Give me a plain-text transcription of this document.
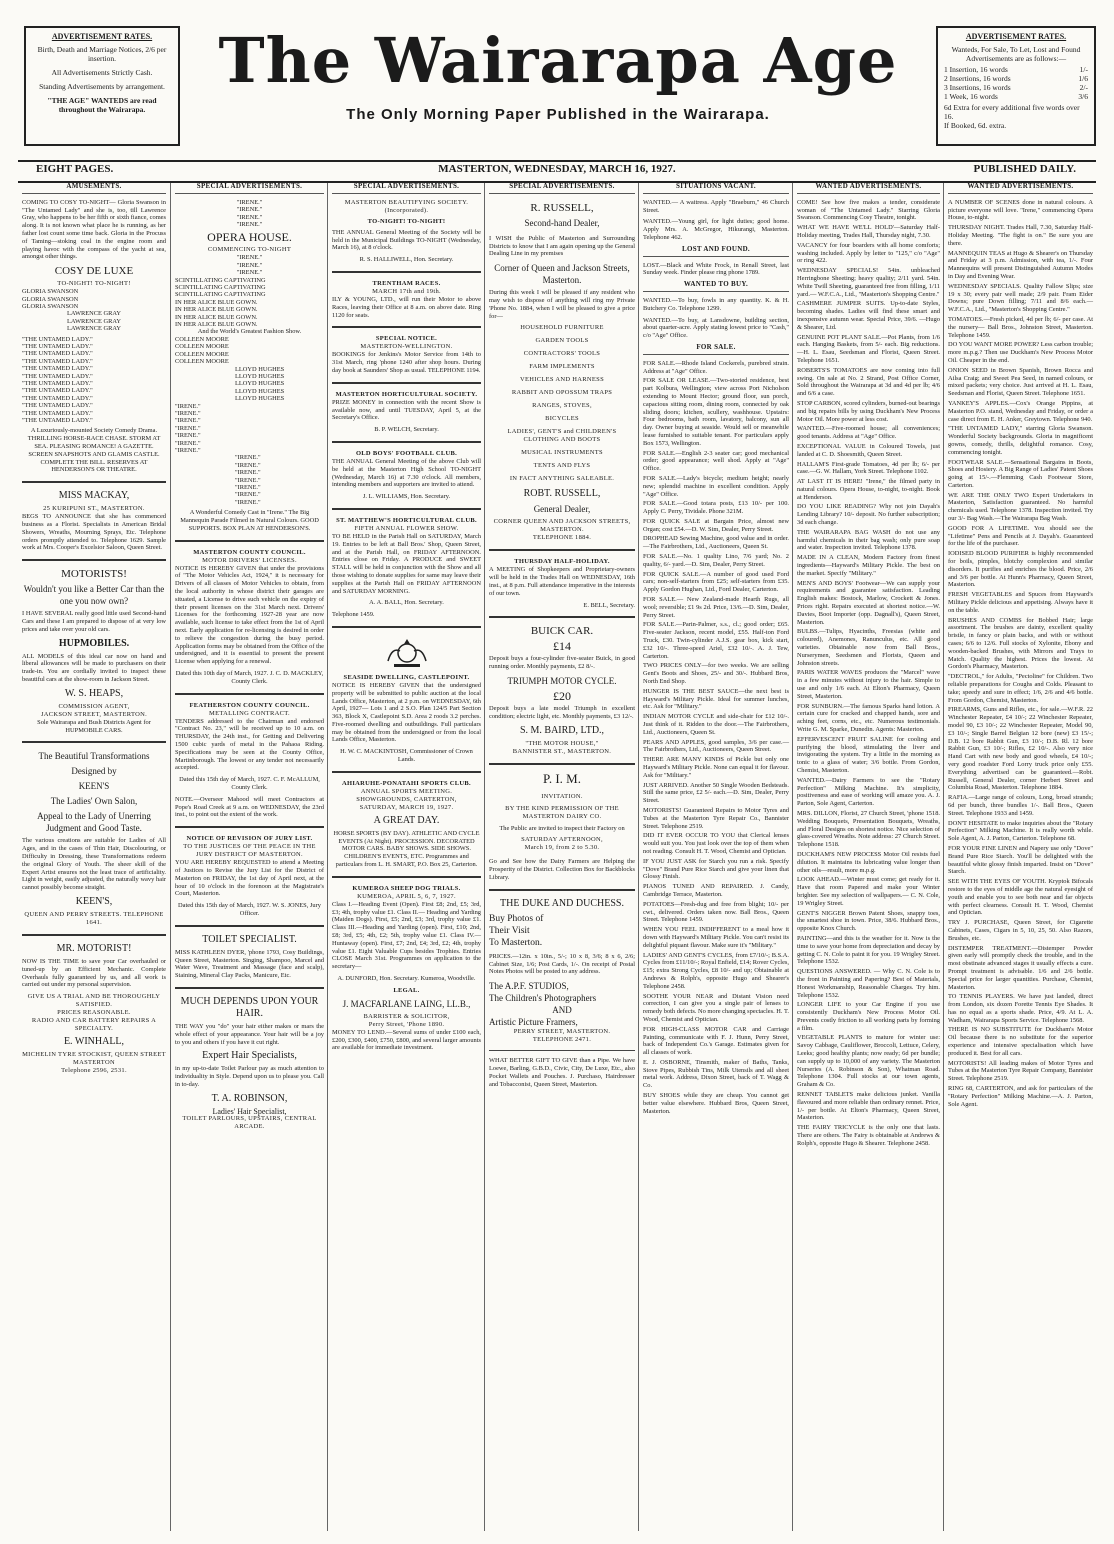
ADVERTISEMENT RATES.

Birth, Death and Marriage Notices, 2/6 per insertion.

All Advertisements Strictly Cash.

Standing Advertisements by arrangement.

"THE AGE" WANTEDS are read throughout the Wairarapa.

The Wairarapa Age
The Only Morning Paper Published in the Wairarapa.
ADVERTISEMENT RATES.
Wanteds, For Sale, To Let, Lost and Found Advertisements are as follows:—
1 Insertion, 16 words	1/-
2 Insertions, 16 words	1/6
3 Insertions, 16 words	2/-
1 Week, 16 words	3/6
6d Extra for every additional five words over 16.
If Booked, 6d. extra.
EIGHT PAGES.	MASTERTON, WEDNESDAY, MARCH 16, 1927.	PUBLISHED DAILY.
AMUSEMENTS.

COMING TO COSY TO-NIGHT— Gloria Swanson in "The Untamed Lady" and she is, too, till Lawrence Gray, who happens to be her fifth or sixth fiance, comes along. It is not known what place he is running, as her father lost count some time back. Gloria in the Procuss of Taming—stoking coal in the engine room and playing havoc with the compass of the yacht at sea, amongst other things.

COSY DE LUXE
TO-NIGHT! TO-NIGHT!
GLORIA SWANSON
GLORIA SWANSON
GLORIA SWANSON
LAWRENCE GRAY
LAWRENCE GRAY
LAWRENCE GRAY
"THE UNTAMED LADY."
"THE UNTAMED LADY."
"THE UNTAMED LADY."
"THE UNTAMED LADY."
"THE UNTAMED LADY."
"THE UNTAMED LADY."
"THE UNTAMED LADY."
"THE UNTAMED LADY."
"THE UNTAMED LADY."
"THE UNTAMED LADY."
"THE UNTAMED LADY."
"THE UNTAMED LADY."

A Luxuriously-mounted Society Comedy Drama. THRILLING HORSE-RACE CHASE. STORM AT SEA. PLEASING ROMANCE! A GAZETTE. SCREEN SNAPSHOTS AND GLAMIS CASTLE. COMPLETE THE BILL. RESERVES AT HENDERSON'S OR THEATRE.

MISS MACKAY,
25 KURIPUNI ST., MASTERTON.

BEGS TO ANNOUNCE that she has commenced business as a Florist. Specialists in American Bridal Showers, Wreaths, Mourning Sprays, Etc. Telephone orders promptly attended to. Telephone 1629. Sample work at Mrs. Cooper's Excelsior Saloon, Queen Street.

MOTORISTS!
Wouldn't you like a Better Car than the one you now own?

I HAVE SEVERAL really good little used Second-hand Cars and these I am prepared to dispose of at very low prices and take over your old cars.

HUPMOBILES.

ALL MODELS of this ideal car now on hand and liberal allowances will be made to purchasers on their trade-in. You are cordially invited to inspect these beautiful cars at the show-room in Jackson Street.

W. S. HEAPS,
COMMISSION AGENT,
JACKSON STREET, MASTERTON.

Sole Wairarapa and Bush Districts Agent for HUPMOBILE CARS.

The Beautiful Transformations
Designed by
KEEN'S
The Ladies' Own Salon,
Appeal to the Lady of Unerring Judgment and Good Taste.

The various creations are suitable for Ladies of All Ages, and in the cases of Thin Hair, Discolouring, or Difficulty in Dressing, these Transformations redeem the original Glory of Youth. The sheer skill of the Expert Artist ensures not the least trace of artificiality. Light in weight, easily adjusted, the naturally wavy hair cannot possibly become straight.

KEEN'S,
QUEEN AND PERRY STREETS. TELEPHONE 1641.
MR. MOTORIST!

NOW IS THE TIME to save your Car overhauled or tuned-up by an Efficient Mechanic. Complete Overhauls fully guaranteed by us, and all work is carried out under my personal supervision.

GIVE US A TRIAL AND BE THOROUGHLY SATISFIED.
PRICES REASONABLE.
RADIO AND CAR BATTERY REPAIRS A SPECIALTY.
E. WINHALL,
MICHELIN TYRE STOCKIST, QUEEN STREET MASTERTON
Telephone 2596, 2531.
SPECIAL ADVERTISEMENTS.
"IRENE."
"IRENE."
"IRENE."
"IRENE."
OPERA HOUSE.
COMMENCING TO-NIGHT
"IRENE."
"IRENE."
"IRENE."
SCINTILLATING CAPTIVATING
SCINTILLATING CAPTIVATING
SCINTILLATING CAPTIVATING
IN HER ALICE BLUE GOWN.
IN HER ALICE BLUE GOWN.
IN HER ALICE BLUE GOWN.
IN HER ALICE BLUE GOWN.
And the World's Greatest Fashion Show.
COLLEEN MOORE
COLLEEN MOORE
COLLEEN MOORE
COLLEEN MOORE
LLOYD HUGHES
LLOYD HUGHES
LLOYD HUGHES
LLOYD HUGHES
LLOYD HUGHES
"IRENE."
"IRENE."
"IRENE."
"IRENE."
"IRENE."
"IRENE."
"IRENE."
"IRENE."
"IRENE."
"IRENE."
"IRENE."
"IRENE."
"IRENE."
"IRENE."

A Wonderful Comedy Cast in "Irene." The Big Mannequin Parade Filmed in Natural Colours. GOOD SUPPORTS. BOX PLAN AT HENDERSON'S.

MASTERTON COUNTY COUNCIL.
MOTOR DRIVERS' LICENSES.

NOTICE IS HEREBY GIVEN that under the provisions of "The Motor Vehicles Act, 1924," it is necessary for Drivers of all classes of Motor Vehicles to obtain, from the local authority in whose district their garages are situated, a License to drive such vehicle on the expiry of their present licenses on the 31st March next. Drivers' Licenses for the forthcoming 1927-28 year are now available, such license to take effect from the 1st of April next. Early application for re-licensing is desired in order to relieve the congestion during the busy period. Application forms may be obtained from the Office of the undersigned, and it is essential to present the present License when applying for a renewal.

Dated this 10th day of March, 1927. J. C. D. MACKLEY, County Clerk.

FEATHERSTON COUNTY COUNCIL.
METALLING CONTRACT.

TENDERS addressed to the Chairman and endorsed "Contract No. 23," will be received up to 10 a.m. on THURSDAY, the 24th inst., for Getting and Delivering 1500 cubic yards of metal in the Pahaoa Riding. Specifications may be seen at the County Office, Martinborough. The lowest or any tender not necessarily accepted.

Dated this 15th day of March, 1927. C. F. McALLUM, County Clerk.

NOTE.—Overseer Mahood will meet Contractors at Pope's Road Creek at 9 a.m. on WEDNESDAY, the 23rd inst., to point out the extent of the work.

NOTICE OF REVISION OF JURY LIST.
TO THE JUSTICES OF THE PEACE IN THE JURY DISTRICT OF MASTERTON.

YOU ARE HEREBY REQUESTED to attend a Meeting of Justices to Revise the Jury List for the District of Masterton on FRIDAY, the 1st day of April next, at the hour of 10 o'clock in the forenoon at the Magistrate's Court, Masterton.

Dated this 15th day of March, 1927. W. S. JONES, Jury Officer.

TOILET SPECIALIST.

MISS KATHLEEN DYER, 'phone 1793, Cosy Buildings, Queen Street, Masterton. Singing, Shampoo, Marcel and Water Wave, Treatment and Massage (face and scalp), Staining, Mineral Clay Packs, Manicure, Etc.

MUCH DEPENDS UPON YOUR HAIR.

THE WAY you "do" your hair either makes or mars the whole effect of your appearance. Your hair will be a joy to you and others if you have it cut right.

Expert Hair Specialists,

in my up-to-date Toilet Parlour pay as much attention to individuality in Style. Depend upon us to please you. Call in to-day.

T. A. ROBINSON,
Ladies' Hair Specialist,
TOILET PARLOURS, UPSTAIRS, CENTRAL ARCADE.
SPECIAL ADVERTISEMENTS.
MASTERTON BEAUTIFYING SOCIETY. (Incorporated).
TO-NIGHT! TO-NIGHT!

THE ANNUAL General Meeting of the Society will be held in the Municipal Buildings TO-NIGHT (Wednesday, March 16), at 8 o'clock.

R. S. HALLIWELL, Hon. Secretary.

TRENTHAM RACES.
MARCH 17th and 19th.

ILY & YOUNG, LTD., will run their Motor to above Races, leaving their Office at 8 a.m. on above date. Ring 1120 for seats.

SPECIAL NOTICE.
MASTERTON-WELLINGTON.

BOOKINGS for Jenkins's Motor Service from 14th to 31st March, ring 'phone 1240 after shop hours. During day book at Saunders' Shop as usual. TELEPHONE 1194.

MASTERTON HORTICULTURAL SOCIETY.

PRIZE MONEY in connection with the recent Show is available now, and until TUESDAY, April 5, at the Secretary's Office.

B. P. WELCH, Secretary.

OLD BOYS' FOOTBALL CLUB.

THE ANNUAL General Meeting of the above Club will be held at the Masterton High School TO-NIGHT (Wednesday, March 16) at 7.30 o'clock. All members, intending members and supporters are invited to attend.

J. L. WILLIAMS, Hon. Secretary.

ST. MATTHEW'S HORTICULTURAL CLUB.
FIFTH ANNUAL FLOWER SHOW.

TO BE HELD in the Parish Hall on SATURDAY, March 19. Entries to be left at Ball Bros.' Shop, Queen Street, and at the Parish Hall, on FRIDAY AFTERNOON. Entries close on Friday. A PRODUCE and SWEET STALL will be held in conjunction with the Show and all those wishing to donate supplies for same may leave their supplies at the Parish Hall on FRIDAY AFTERNOON and SATURDAY MORNING.

A. A. BALL, Hon. Secretary.

Telephone 1459.

SEASIDE DWELLING, CASTLEPOINT.

NOTICE IS HEREBY GIVEN that the undersigned property will be submitted to public auction at the local Lands Office, Masterton, at 2 p.m. on WEDNESDAY, 6th April, 1927— Lots 1 and 2 S.O. Plan 124/5 Part Section 363, Block X, Castlepoint S.D. Area 2 roods 3.2 perches. Five-roomed dwelling and outbuildings. Full particulars may be obtained from the undersigned or from the local Lands Office, Masterton.

H. W. C. MACKINTOSH, Commissioner of Crown Lands.

AHIARUHE-PONATAHI SPORTS CLUB.
ANNUAL SPORTS MEETING.
SHOWGROUNDS, CARTERTON,
SATURDAY, MARCH 19, 1927.
A GREAT DAY.

HORSE SPORTS (BY DAY). ATHLETIC AND CYCLE EVENTS (At Night). PROCESSION. DECORATED MOTOR CARS. BABY SHOWS. SIDE SHOWS. CHILDREN'S EVENTS, ETC. Programmes and particulars from L. H. SMART, P.O. Box 25, Carterton.

KUMEROA SHEEP DOG TRIALS.
KUMEROA, APRIL 5, 6, 7, 1927.

Class I.—Heading Event (Open). First £8; 2nd, £5; 3rd, £3; 4th, trophy value £1. Class II.— Heading and Yarding (Maiden Dogs). First, £5; 2nd, £3; 3rd, trophy value £1. Class III.—Heading and Yarding (open). First, £10; 2nd, £8; 3rd, £5; 4th, £2; 5th, trophy value £1. Class IV.—Huntaway (open). First, £7; 2nd, £4; 3rd, £2; 4th, trophy value £1. Eight Valuable Cups besides Trophies. Entries CLOSE March 31st. Programmes on application to the secretary—

A. DUNFORD, Hon. Secretary. Kumeroa, Woodville.

LEGAL.
J. MACFARLANE LAING, LL.B.,
BARRISTER & SOLICITOR,
Perry Street, 'Phone 1890.

MONEY TO LEND.—Several sums of under £100 each, £200, £300, £400, £750, £800, and several larger amounts are available for immediate investment.

SPECIAL ADVERTISEMENTS.
R. RUSSELL,
Second-hand Dealer,

I WISH the Public of Masterton and Surrounding Districts to know that I am again opening up the General Dealing Line in my premises

Corner of Queen and Jackson Streets, Masterton.

During this week I will be pleased if any resident who may wish to dispose of anything will ring my Private 'Phone No. 1884, when I will be pleased to give a price for—

HOUSEHOLD FURNITURE
GARDEN TOOLS
CONTRACTORS' TOOLS
FARM IMPLEMENTS
VEHICLES AND HARNESS
RABBIT AND OPOSSUM TRAPS
RANGES, STOVES,
BICYCLES
LADIES', GENT'S and CHILDREN'S CLOTHING AND BOOTS
MUSICAL INSTRUMENTS
TENTS AND FLYS
IN FACT ANYTHING SALEABLE.
ROBT. RUSSELL,
General Dealer,
CORNER QUEEN AND JACKSON STREETS, MASTERTON.
TELEPHONE 1884.
THURSDAY HALF-HOLIDAY.

A MEETING of Shopkeepers and Proprietary-owners will be held in the Trades Hall on WEDNESDAY, 16th inst., at 8 p.m. Full attendance imperative in the interests of our town.

E. BELL, Secretary.

BUICK CAR.
£14

Deposit buys a four-cylinder five-seater Buick, in good running order. Monthly payments, £2 8/-.

TRIUMPH MOTOR CYCLE.
£20

Deposit buys a late model Triumph in excellent condition; electric light, etc. Monthly payments, £3 12/-.

S. M. BAIRD, LTD.,
"THE MOTOR HOUSE,"
BANNISTER ST., MASTERTON.
P. I. M.
INVITATION.
BY THE KIND PERMISSION OF THE MASTERTON DAIRY CO.

The Public are invited to inspect their Factory on

SATURDAY AFTERNOON,
March 19, from 2 to 5.30.

Go and See how the Dairy Farmers are Helping the Prosperity of the District. Collection Box for Backblocks Library.

THE DUKE AND DUCHESS.
Buy Photos of
Their Visit
To Masterton.

PRICES.—12in. x 10in., 5/-; 10 x 8, 3/6; 8 x 6, 2/6; Cabinet Size, 1/6; Post Cards, 1/-. On receipt of Postal Notes Photos will be posted to any address.

The A.P.F. STUDIOS,
The Children's Photographers
AND
Artistic Picture Framers,
PERRY STREET, MASTERTON.
TELEPHONE 2471.

WHAT BETTER GIFT TO GIVE than a Pipe. We have Loewe, Barling, G.B.D., Civic, City, De Luxe, Etc., also Pocket Wallets and Pouches. J. Purchaso, Hairdresser and Tobacconist, Queen Street, Masterton.

SITUATIONS VACANT.

WANTED.— A waitress. Apply "Braeburn," 46 Church Street.

WANTED.—Young girl, for light duties; good home. Apply Mrs. A. McGregor, Hikurangi, Masterton. Telephone 462.

LOST AND FOUND.

LOST.—Black and White Frock, in Renall Street, last Sunday week. Finder please ring phone 1789.

WANTED TO BUY.

WANTED.—To buy, fowls in any quantity. K. & H. Butchery Co. Telephone 1299.

WANTED.—To buy, at Lansdowne, building section, about quarter-acre. Apply stating lowest price to "Cash," c/o "Age" Office.

FOR SALE.

FOR SALE.—Rhode Island Cockerels, purebred strain. Address at "Age" Office.

FOR SALE OR LEASE.—Two-storied residence, best part Kolbura, Wellington; view across Port Nicholson extending to Mount Hector; ground floor, sun porch, capacious sitting room, dining room, connected by oak sliding doors; kitchen, scullery, washhouse. Upstairs: Four bedrooms, bath room, lavatory, balcony, sun all day. Owner buying at seaside. Would sell or meanwhile lease furnished to suitable tenant. For particulars apply Box 1573, Wellington.

FOR SALE.—English 2-3 seater car; good mechanical order; good appearance; well shod. Apply at "Age" Office.

FOR SALE.—Lady's bicycle; medium height; nearly new; splendid machine in excellent condition. Apply "Age" Office.

FOR SALE.—Good totara posts, £13 10/- per 100. Apply C. Perry, Tividale. Phone 321M.

FOR QUICK SALE at Bargain Price, almost new Organ; cost £54.—D. W. Sim, Dealer, Perry Street.

DROPHEAD Sewing Machine, good value and in order.—The Fairbrothers, Ltd., Auctioneers, Queen St.

FOR SALE.—No. 1 quality Lino, 7/6 yard; No. 2 quality, 6/- yard.—D. Sim, Dealer, Perry Street.

FOR QUICK SALE.—A number of good used Ford cars; non-self-starters from £25; self-starters from £35. Apply Gordon Hughan, Ltd., Ford Dealer, Carterton.

FOR SALE.— New Zealand-made Hearth Rugs, all wool; reversible; £1 9s 2d. Price, 13/6.—D. Sim, Dealer, Perry Street.

FOR SALE.—Parin-Palmer, s.s., cl.; good order; £65. Five-seater Jackson, recent model, £55. Half-ton Ford Truck, £30. Twin-cylinder A.J.S. gear box, kick start, £32 10/-. Three-speed Ariel, £32 10/-. A. J. Tew, Carterton.

TWO PRICES ONLY—for two weeks. We are selling Gent's Boots and Shoes, 25/- and 30/-. Hubbard Bros, North End Shop.

HUNGER IS THE BEST SAUCE—the next best is Hayward's Military Pickle. Ideal for summer lunches, etc. Ask for "Military."

INDIAN MOTOR CYCLE and side-chair for £12 10/-. Just think of it. Ridden to the door.—The Fairbrothers, Ltd., Auctioneers, Queen St.

PEARS AND APPLES, good samples, 3/6 per case.—The Fairbrothers, Ltd., Auctioneers, Queen Street.

THERE ARE MANY KINDS of Pickle but only one Hayward's Military Pickle. None can equal it for flavour. Ask for "Military."

JUST ARRIVED. Another 50 Single Wooden Bedsteads. Still the same price, £2 5/- each.—D. Sim, Dealer, Perry Street.

MOTORISTS! Guaranteed Repairs to Motor Tyres and Tubes at the Masterton Tyre Repair Co., Bannister Street. Telephone 2519.

DID IT EVER OCCUR TO YOU that Clerical lenses would suit you. You just look over the top of them when not reading. Consult H. T. Wood, Chemist and Optician.

IF YOU JUST ASK for Starch you run a risk. Specify "Dove" Brand Pure Rice Starch and give your linen that Glossy Finish.

PIANOS TUNED AND REPAIRED. J. Candy, Cambridge Terrace, Masterton.

POTATOES—Fresh-dug and free from blight; 10/- per cwt., delivered. Orders taken now. Ball Bros., Queen Street. Telephone 1459.

WHEN YOU FEEL INDIFFERENT to a meal how it down with Hayward's Military Pickle. You can't resist its delightful piquant flavour. Make sure it's "Military."

LADIES' AND GENT'S CYCLES, from £7/10/-; B.S.A. Cycles from £11/10/-; Royal Enfield, £14; Rover Cycles, £15; extra Strong Cycles, £8 10/- and up; Obtainable at Andrews & Rolph's, opposite Hugo and Shearer's Telephone 2458.

SOOTHE YOUR NEAR and Distant Vision need correction, I can give you a single pair of lenses to remedy both defects. No more changing spectacles. H. T. Wood, Chemist and Optician.

FOR HIGH-CLASS MOTOR CAR and Carriage Painting, communicate with F. J. Hunn, Perry Street, back of Independent Co.'s Garage. Estimates given for all classes of work.

E. J. OSBORNE, Tinsmith, maker of Baths, Tanks, Stove Pipes, Rubbish Tins, Milk Utensils and all sheet metal work. Address, Dixon Street, back of T. Wagg & Co.

BUY SHOES while they are cheap. You cannot get better value elsewhere. Hubbard Bros, Queen Street, Masterton.

WANTED ADVERTISEMENTS.

COME! See how five makes a tender, considerate woman of "The Untamed Lady." Starring Gloria Swanson. Commencing Cosy Theatre, tonight.

WHAT WE HAVE WE'LL HOLD'—Saturday Half-Holiday meeting, Trades Hall, Thursday night, 7.30.

VACANCY for four boarders with all home comforts; washing included. Apply by letter to "125," c/o "Age" or ring 422.

WEDNESDAY SPECIALS! 54in. unbleached Herringbone Sheeting; heavy quality; 2/11 yard. 54in. White Twill Sheeting, guaranteed free from filling, 1/11 yard.— W.F.C.A., Ltd., "Masterton's Shopping Centre."

CASHMERE JUMPER SUITS. Up-to-date Styles, becoming shades. Ladies will find these smart and inexpensive autumn wear. Special Price, 39/6. —Hugo & Shearer, Ltd.

GENUINE POT PLANT SALE.—Pot Plants, from 1/6 each. Hanging Baskets, from 5/- each. Big reductions. —H. L. Esau, Seedsman and Florist, Queen Street. Telephone 1651.

ROBERTS'S TOMATOES are now coming into full swing. On sale at No. 2 Strand, Post Office Corner, Sold throughout the Wairarapa at 3d and 4d per lb; 4/6 and 6/6 a case.

STOP CARBON, scored cylinders, burned-out bearings and big repairs bills by using Duckham's New Process Motor Oil. More power at less cost.

WANTED.—Five-roomed house; all conveniences; good tenants. Address at "Age" Office.

EXCEPTIONAL VALUE in Coloured Towels, just landed at C. D. Shoesmith, Queen Street.

HALLAM'S First-grade Tomatoes, 4d per lb; 6/- per case.—G. W. Hallam, York Street. Telephone 1102.

AT LAST IT IS HERE! "Irene," the filmed party in natural colours. Opera House, to-night, to-night. Book at Henderson.

DO YOU LIKE READING? Why not join Dayah's Lending Library? 10/- deposit. No further subscription; 3d each change.

THE WAIRARAPA BAG WASH do not use any harmful chemicals in their bag wash; only pure soap and water. Inspection invited. Telephone 1378.

MADE IN A CLEAN, Modern Factory from finest ingredients—Hayward's Military Pickle. The best on the market. Specify "Military."

MEN'S AND BOYS' Footwear—We can supply your requirements and guarantee satisfaction. Leading English makes: Bostock, Marlow, Crockett & Jones. Prices right. Repairs executed at shortest notice.—W. Davies, Boot Importer (opp. Dagnall's), Queen Street, Masterton.

BULBS.—Tulips, Hyacinths, Freesias (white and coloured), Anemones, Ranunculus, etc. All good varieties. Obtainable now from Ball Bros., Nurserymen, Seedsmen and Florists, Queen and Johnston streets.

PARIS WATER WAVES produces the "Marcel" wave in a few minutes without injury to the hair. Simple to use and only 1/6 each. At Elton's Pharmacy, Queen Street, Masterton.

FOR SUNBURN.—The famous Sparks hand lotion. A certain cure for cracked and chapped hands, sore and aching feet, corns, etc., etc. Numerous testimonials. Write G. M. Sparke, Dunedin. Agents: Masterton.

EFFERVESCENT FRUIT SALINE for cooling and purifying the blood, stimulating the liver and invigorating the system. Try a little in the morning as tonic to a glass of water; 3/6 bottle. From Gordon, Chemist, Masterton.

WANTED.—Dairy Farmers to see the "Rotary Perfection" Milking Machine. It's simplicity, positiveness and ease of working will amaze you. A. J. Parton, Sole Agent, Carterton.

MRS. DILLON, Florist, 27 Church Street, 'phone 1518. Wedding Bouquets, Presentation Bouquets, Wreaths, and Floral Designs on shortest notice. Nice selection of glass-covered Wreaths. Note address: 27 Church Street. Telephone 1518.

DUCKHAM'S NEW PROCESS Motor Oil resists fuel dilution. It maintains its lubricating value longer than other oils—result, more m.p.g.

LOOK AHEAD.—Winter must come; get ready for it. Have that room Papered and make your Winter brighter. See my selection of wallpapers.— C. N. Cole, 19 Wrigley Street.

GENT'S NIGGER Brown Patent Shoes, snappy toes, the smartest shoe in town. Price, 38/6. Hubbard Bros., opposite Knox Church.

PAINTING—and this is the weather for it. Now is the time to save your home from depreciation and decay by getting C. N. Cole to paint it for you. 19 Wrigley Street. Telephone 1532.

QUESTIONS ANSWERED. — Why C. N. Cole is to the front in Painting and Papering? Best of Materials, Honest Workmanship, Reasonable Charges. Try him. Telephone 1532.

LONGER LIFE to your Car Engine if you use consistently Duckham's New Process Motor Oil. Prevents costly friction to all working parts by forming a film.

VEGETABLE PLANTS to mature for winter use: Savoy Cabbage, Cauliflower, Broccoli, Lettuce, Celery, Leeks; good healthy plants; now ready; 6d per bundle; can supply up to 10,000 of any variety. The Masterton Nurseries (A. Robinson & Son), Whatman Road. Telephone 1304. Full stocks at our town agents, Graham & Co.

RENNET TABLETS make delicious junket. Vanilla flavoured and more reliable than ordinary rennet. Price, 1/- per bottle. At Elton's Pharmacy, Queen Street, Masterton.

THE FAIRY TRICYCLE is the only one that lasts. There are others. The Fairy is obtainable at Andrews & Rolph's, opposite Hugo & Shearer. Telephone 2458.

WANTED ADVERTISEMENTS.

A NUMBER OF SCENES done in natural colours. A picture everyone will love. "Irene," commencing Opera House, to-night.

THURSDAY NIGHT. Trades Hall, 7.30, Saturday Half-Holiday Meeting. "The fight is on." Be sure you are there.

MANNEQUIN TEAS at Hugo & Shearer's on Thursday and Friday at 3 p.m. Admission, with tea, 1/-. Four Mannequins will present Distinguished Autumn Modes in Day and Evening Wear.

WEDNESDAY SPECIALS. Quality Fallow Slips; size 19 x 30; every pair well made; 2/9 pair. Fram Eider Downs; pure Down filling; 7/11 and 8/6 each.—W.F.C.A., Ltd., "Masterton's Shopping Centre."

TOMATOES.—Fresh picked, 4d per lb; 6/- per case. At the nursery— Ball Bros., Johnston Street, Masterton. Telephone 1459.

DO YOU WANT MORE POWER? Less carbon trouble; more m.p.g.? Then use Duckham's New Process Motor Oil. Cheaper in the end.

ONION SEED in Brown Spanish, Brown Rocca and Ailsa Craig; and Sweet Pea Seed, in named colours, or mixed packets; very choice. Just arrived at H. L. Esau, Seedsman and Florist, Queen Street. Telephone 1651.

YANKEY'S APPLES.—Cox's Orange Pippins, at Masterton P.O. stand, Wednesday and Friday, or order a case direct from E. H. Anker, Greytown. Telephone 940.

"THE UNTAMED LADY," starring Gloria Swanson. Wonderful Society backgrounds. Gloria in magnificent gowns, comedy, thrills, delightful romance. Cosy, commencing tonight.

FOOTWEAR SALE.—Sensational Bargains in Boots, Shoes and Hosiery. A Big Range of Ladies' Patent Shoes going at 15/-.—Flemming Cash Footwear Store, Carterton.

WE ARE THE ONLY TWO Expert Undertakers in Masterton, Satisfaction guaranteed. No harmful chemicals used. Telephone 1378. Inspection invited. Try our 3/- Bag Wash.—The Wairarapa Bag Wash.

GOOD FOR A LIFETIME. You should see the "Lifetime" Pens and Pencils at J. Dayah's. Guaranteed for the life of the purchaser.

IODISED BLOOD PURIFIER is highly recommended for boils, pimples, blotchy complexion and similar disorders. It purifies and enriches the blood. Price, 2/6 and 3/6 per bottle. At Hunn's Pharmacy, Queen Street, Masterton.

FRESH VEGETABLES and Spuces from Hayward's Military Pickle delicious and appetising. Always have it on the table.

BRUSHES AND COMBS for Bobbed Hair; large assortment. The brushes are dainty, excellent quality bristle, in fancy or plain backs, and with or without cases; 6/6 to 12/6. Full stocks of Xylonite, Ebony and wooden-backed Brushes, with Mirrors and Trays to Match. Quality the highest. Prices the lowest. At Gordon's Pharmacy, Masterton.

"DECTROL," for Adults, "Pectoline" for Children. Two reliable preparations for Coughs and Colds. Pleasant to take; speedy and sure in effect; 1/6, 2/6 and 4/6 bottle. From Gordon, Chemist, Masterton.

FIREARMS, Guns and Rifles, etc., for sale.—W.F.R. 22 Winchester Repeater, £4 10/-; 22 Winchester Repeater, model 90, £3 10/-; 22 Winchester Repeater, Model 90, £3 10/-; Single Barrel Belgian 12 bore (new) £3 15/-; D.B. 12 bore Rabbit Gun, £3 10/-; D.B. Rl. 12 bore Rabbit Gun, £3 10/-; Rifles, £2 10/-. Also very nice Hand Cart with new body and good wheels, £4 10/-; very good roadster Ford Lorry truck price only £55. Everything advertised can be guaranteed.—Robt. Russell, General Dealer, corner Herbert Street and Columbia Road, Masterton. Telephone 1884.

RAFIA.—Large range of colours, Long, broad strands; 6d per bunch, three bundles 1/-. Ball Bros., Queen Street. Telephone 1933 and 1459.

DON'T HESITATE to make inquiries about the "Rotary Perfection" Milking Machine. It is really worth while. Sole Agent, A. J. Parton, Carterton. Telephone 68.

FOR YOUR FINE LINEN and Napery use only "Dove" Brand Pure Rice Starch. You'll be delighted with the beautiful white glossy finish imparted. Insist on "Dove" Starch.

SEE WITH THE EYES OF YOUTH. Kryptok Bifocals restore to the eyes of middle age the natural eyesight of youth and enable you to see both near and far objects with perfect clearness. Consult H. T. Wood, Chemist and Optician.

TRY J. PURCHASE, Queen Street, for Cigarette Cabinets, Cases, Cigars in 5, 10, 25, 50. Also Razors, Brushes, etc.

DISTEMPER TREATMENT.—Distemper Powder given early will promptly check the trouble, and in the most obstinate advanced stages it usually effects a cure. Prompt treatment is advisable. 1/6 and 2/6 bottle. Special price for larger quantities. Purchase, Chemist, Masterton.

TO TENNIS PLAYERS. We have just landed, direct from London, six dozen Forette Tennis Eye Shades. It has no equal as a sports shade. Price, 4/9. At L. A. Wadham, Wairarapa Sports Service. Telephone 1568.

THERE IS NO SUBSTITUTE for Duckham's Motor Oil because there is no substitute for the superior experience and intensive specialisation which have produced it. Best for all cars.

MOTORISTS! All leading makes of Motor Tyres and Tubes at the Masterton Tyre Repair Company, Bannister Street. Telephone 2519.

RING 68, CARTERTON, and ask for particulars of the "Rotary Perfection" Milking Machine.—A. J. Parton, Sole Agent.
